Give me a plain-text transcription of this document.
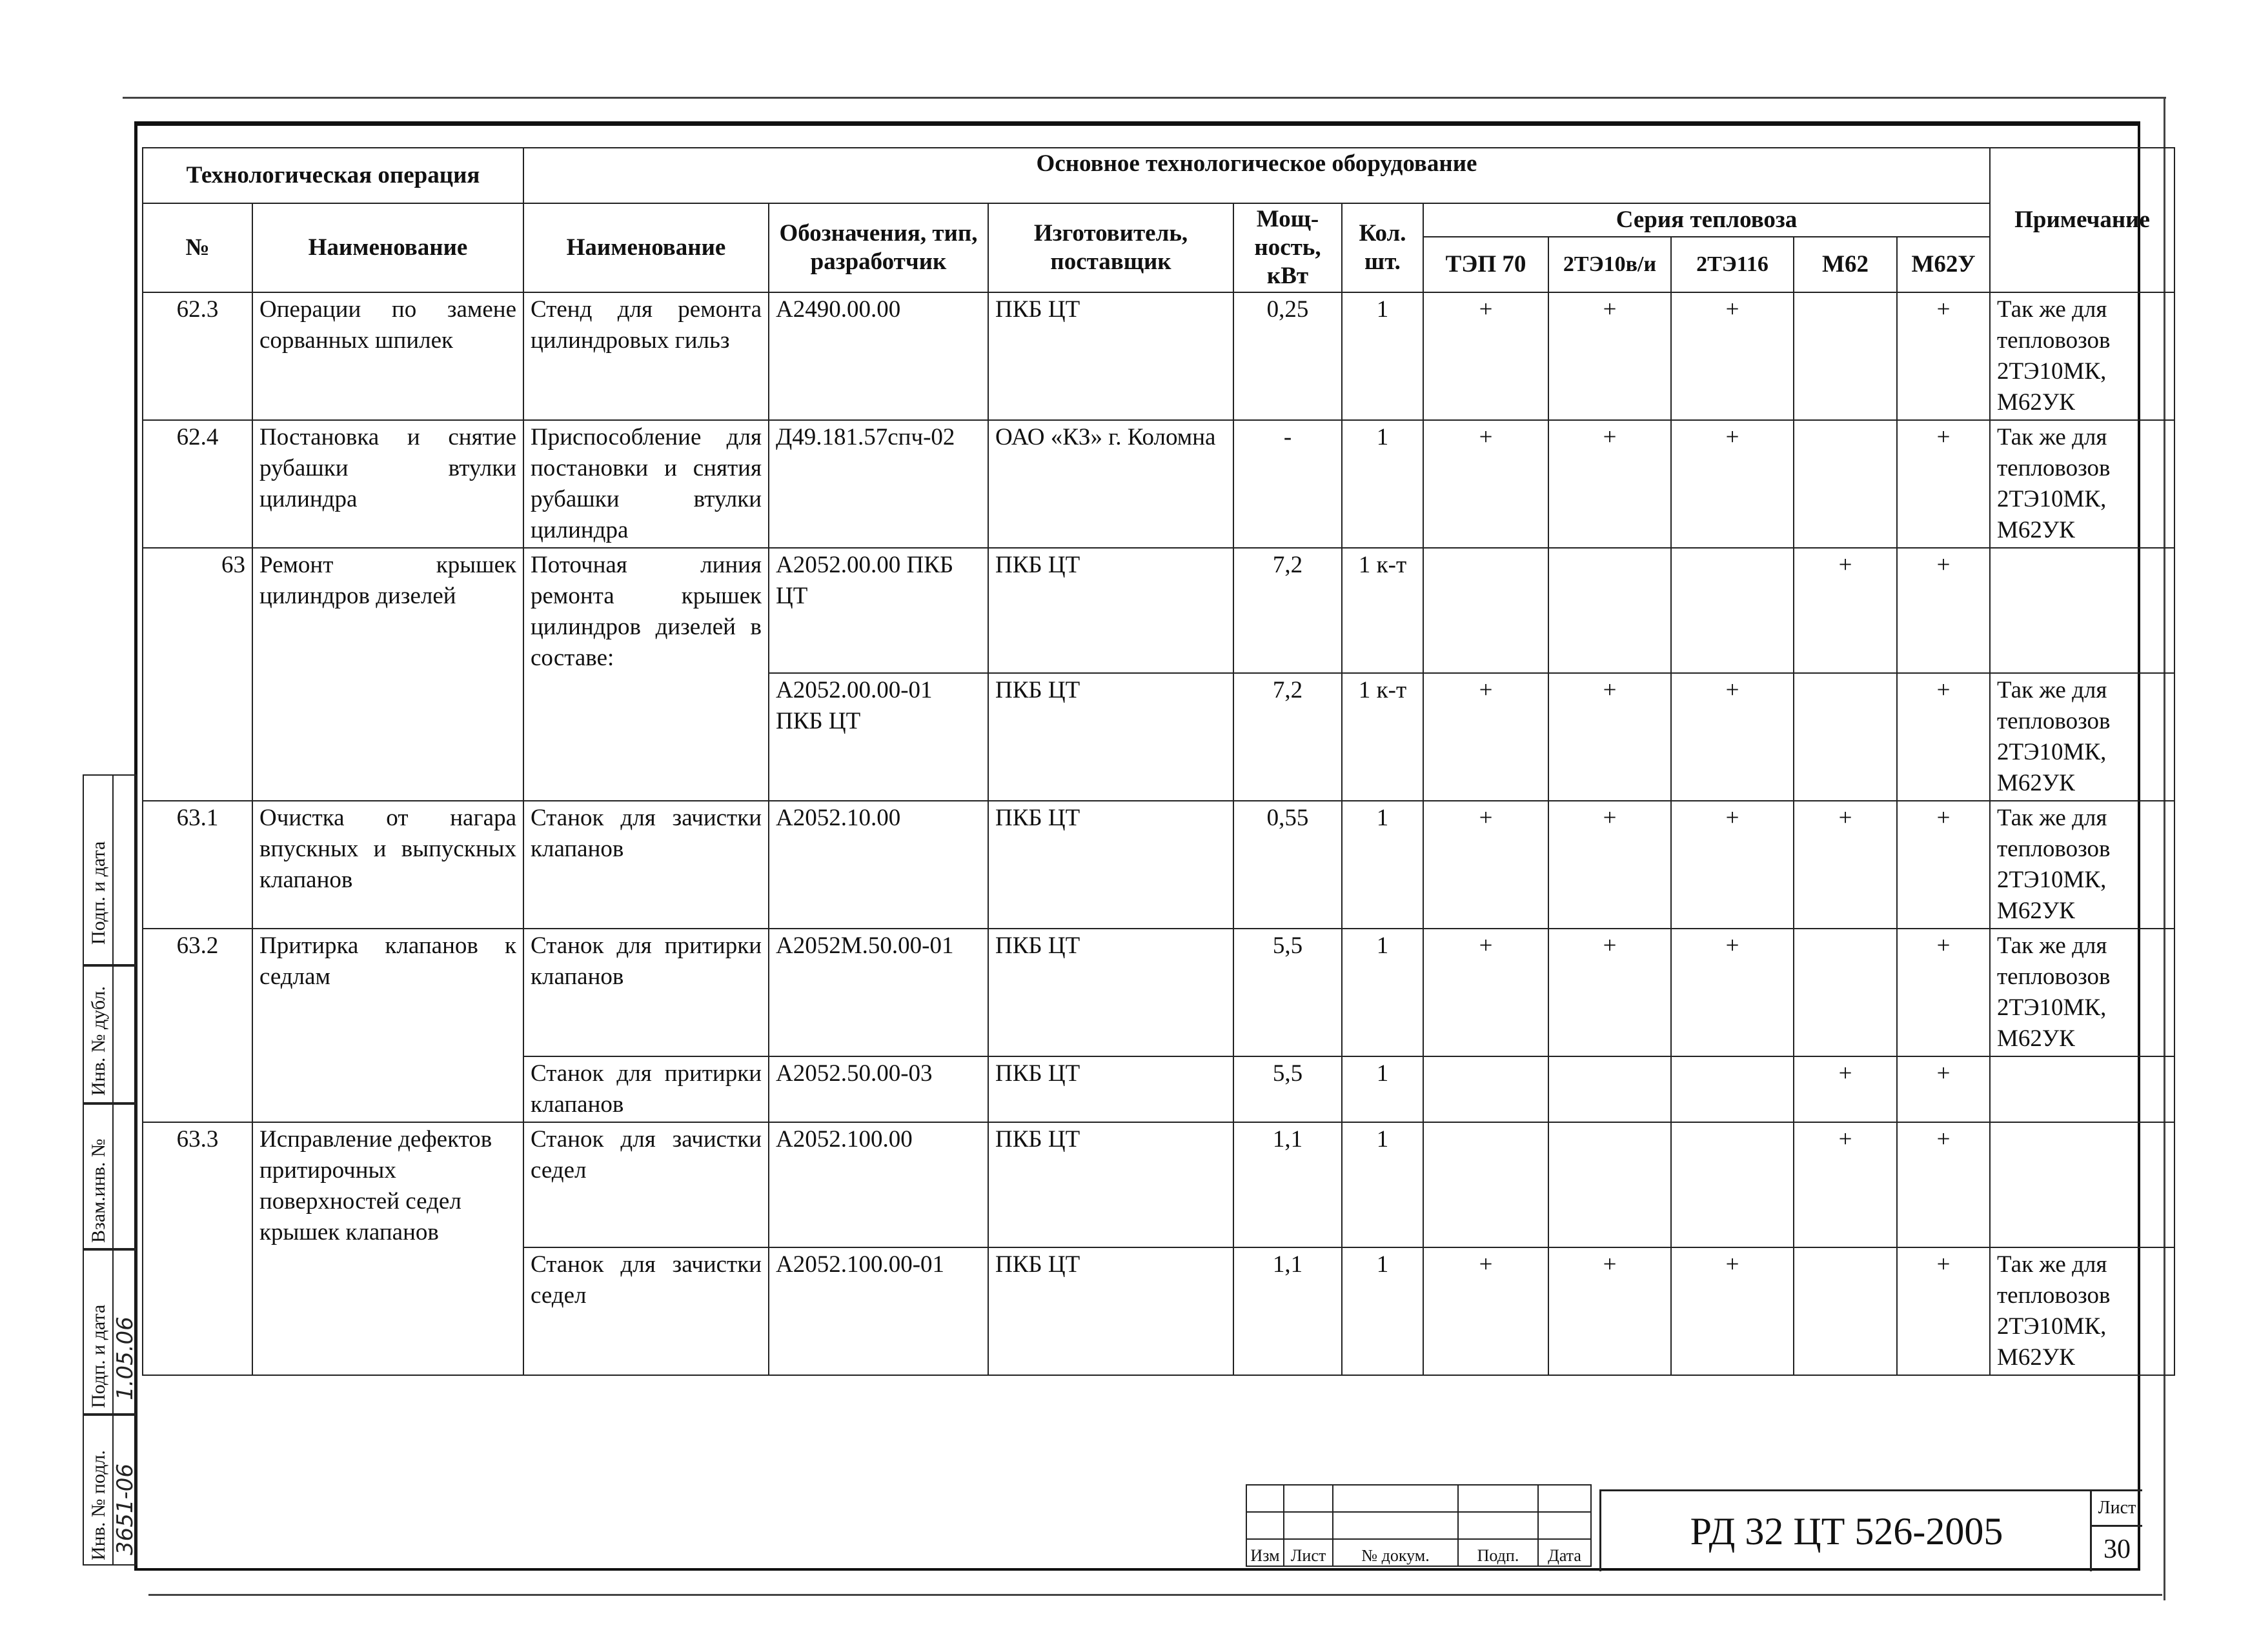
Технологическая операция		Основное технологическое оборудование										Примечание
№	Наименование	Наименование	Обозначения, тип, разработчик	Изготовитель, поставщик	Мощ-ность, кВт	Кол. шт.	Серия тепловоза					
							ТЭП 70	2ТЭ10в/и	2ТЭ116	М62	М62У	
62.3	Операции по замене сорванных шпилек	Стенд для ремонта цилиндровых гильз	А2490.00.00	ПКБ ЦТ	0,25	1	+	+	+		+	Так же для тепловозов 2ТЭ10МК, М62УК
62.4	Постановка и снятие рубашки втулки цилиндра	Приспособление для постановки и снятия рубашки втулки цилиндра	Д49.181.57спч-02	ОАО «КЗ» г. Коломна	-	1	+	+	+		+	Так же для тепловозов 2ТЭ10МК, М62УК
63	Ремонт крышек цилиндров дизелей	Поточная линия ремонта крышек цилиндров дизелей в составе:	А2052.00.00 ПКБ ЦТ	ПКБ ЦТ	7,2	1 к-т				+	+	
			А2052.00.00-01 ПКБ ЦТ	ПКБ ЦТ	7,2	1 к-т	+	+	+		+	Так же для тепловозов 2ТЭ10МК, М62УК
63.1	Очистка от нагара впускных и выпускных клапанов	Станок для зачистки клапанов	А2052.10.00	ПКБ ЦТ	0,55	1	+	+	+	+	+	Так же для тепловозов 2ТЭ10МК, М62УК
63.2	Притирка клапанов к седлам	Станок для притирки клапанов	А2052М.50.00-01	ПКБ ЦТ	5,5	1	+	+	+		+	Так же для тепловозов 2ТЭ10МК, М62УК
		Станок для притирки клапанов	А2052.50.00-03	ПКБ ЦТ	5,5	1				+	+	
63.3	Исправление дефектов притирочных поверхностей седел крышек клапанов	Станок для зачистки седел	А2052.100.00	ПКБ ЦТ	1,1	1				+	+	
		Станок для зачистки седел	А2052.100.00-01	ПКБ ЦТ	1,1	1	+	+	+		+	Так же для тепловозов 2ТЭ10МК, М62УК
Подп. и дата
Инв. № дубл.
Взам.инв. №
Подп. и дата 1.05.06
Инв. № подл. 3651-06

Изм	Лист	№ докум.	Подп.	Дата
РД 32 ЦТ 526-2005
Лист
30
